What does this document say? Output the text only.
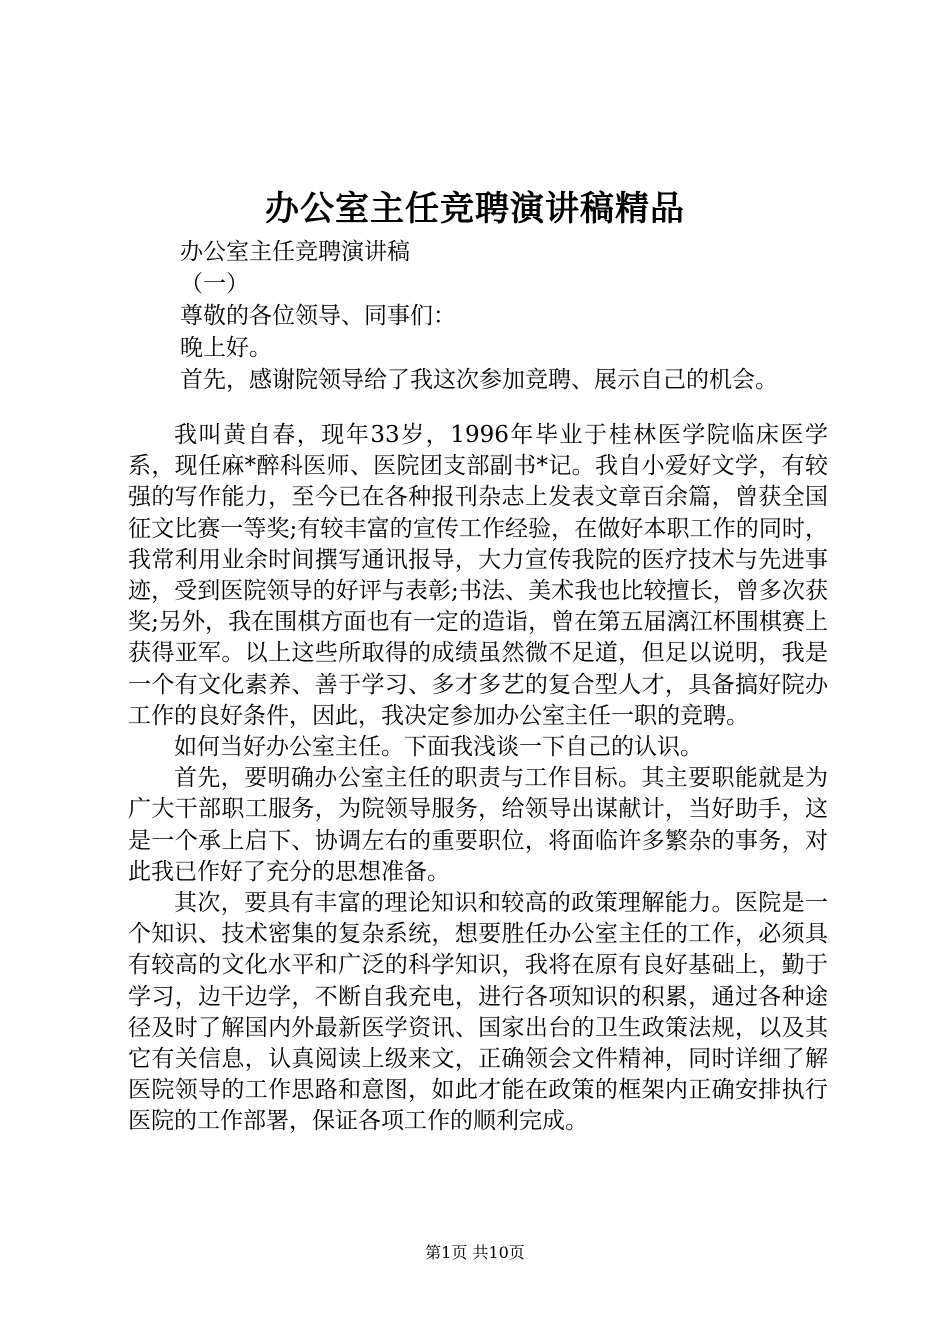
办公室主任竞聘演讲稿精品
办公室主任竞聘演讲稿
（一）
尊敬的各位领导、同事们：
晚上好。
首先，感谢院领导给了我这次参加竞聘、展示自己的机会。

我叫黄自春，现年33岁，1996年毕业于桂林医学院临床医学系，现任麻*醉科医师、医院团支部副书*记。我自小爱好文学，有较强的写作能力，至今已在各种报刊杂志上发表文章百余篇，曾获全国征文比赛一等奖;有较丰富的宣传工作经验，在做好本职工作的同时，我常利用业余时间撰写通讯报导，大力宣传我院的医疗技术与先进事迹，受到医院领导的好评与表彰;书法、美术我也比较擅长，曾多次获奖;另外，我在围棋方面也有一定的造诣，曾在第五届漓江杯围棋赛上获得亚军。以上这些所取得的成绩虽然微不足道，但足以说明，我是一个有文化素养、善于学习、多才多艺的复合型人才，具备搞好院办工作的良好条件，因此，我决定参加办公室主任一职的竞聘。

如何当好办公室主任。下面我浅谈一下自己的认识。

首先，要明确办公室主任的职责与工作目标。其主要职能就是为广大干部职工服务，为院领导服务，给领导出谋献计，当好助手，这是一个承上启下、协调左右的重要职位，将面临许多繁杂的事务，对此我已作好了充分的思想准备。

其次，要具有丰富的理论知识和较高的政策理解能力。医院是一个知识、技术密集的复杂系统，想要胜任办公室主任的工作，必须具有较高的文化水平和广泛的科学知识，我将在原有良好基础上，勤于学习，边干边学，不断自我充电，进行各项知识的积累，通过各种途径及时了解国内外最新医学资讯、国家出台的卫生政策法规，以及其它有关信息，认真阅读上级来文，正确领会文件精神，同时详细了解医院领导的工作思路和意图，如此才能在政策的框架内正确安排执行医院的工作部署，保证各项工作的顺利完成。

第1页 共10页
